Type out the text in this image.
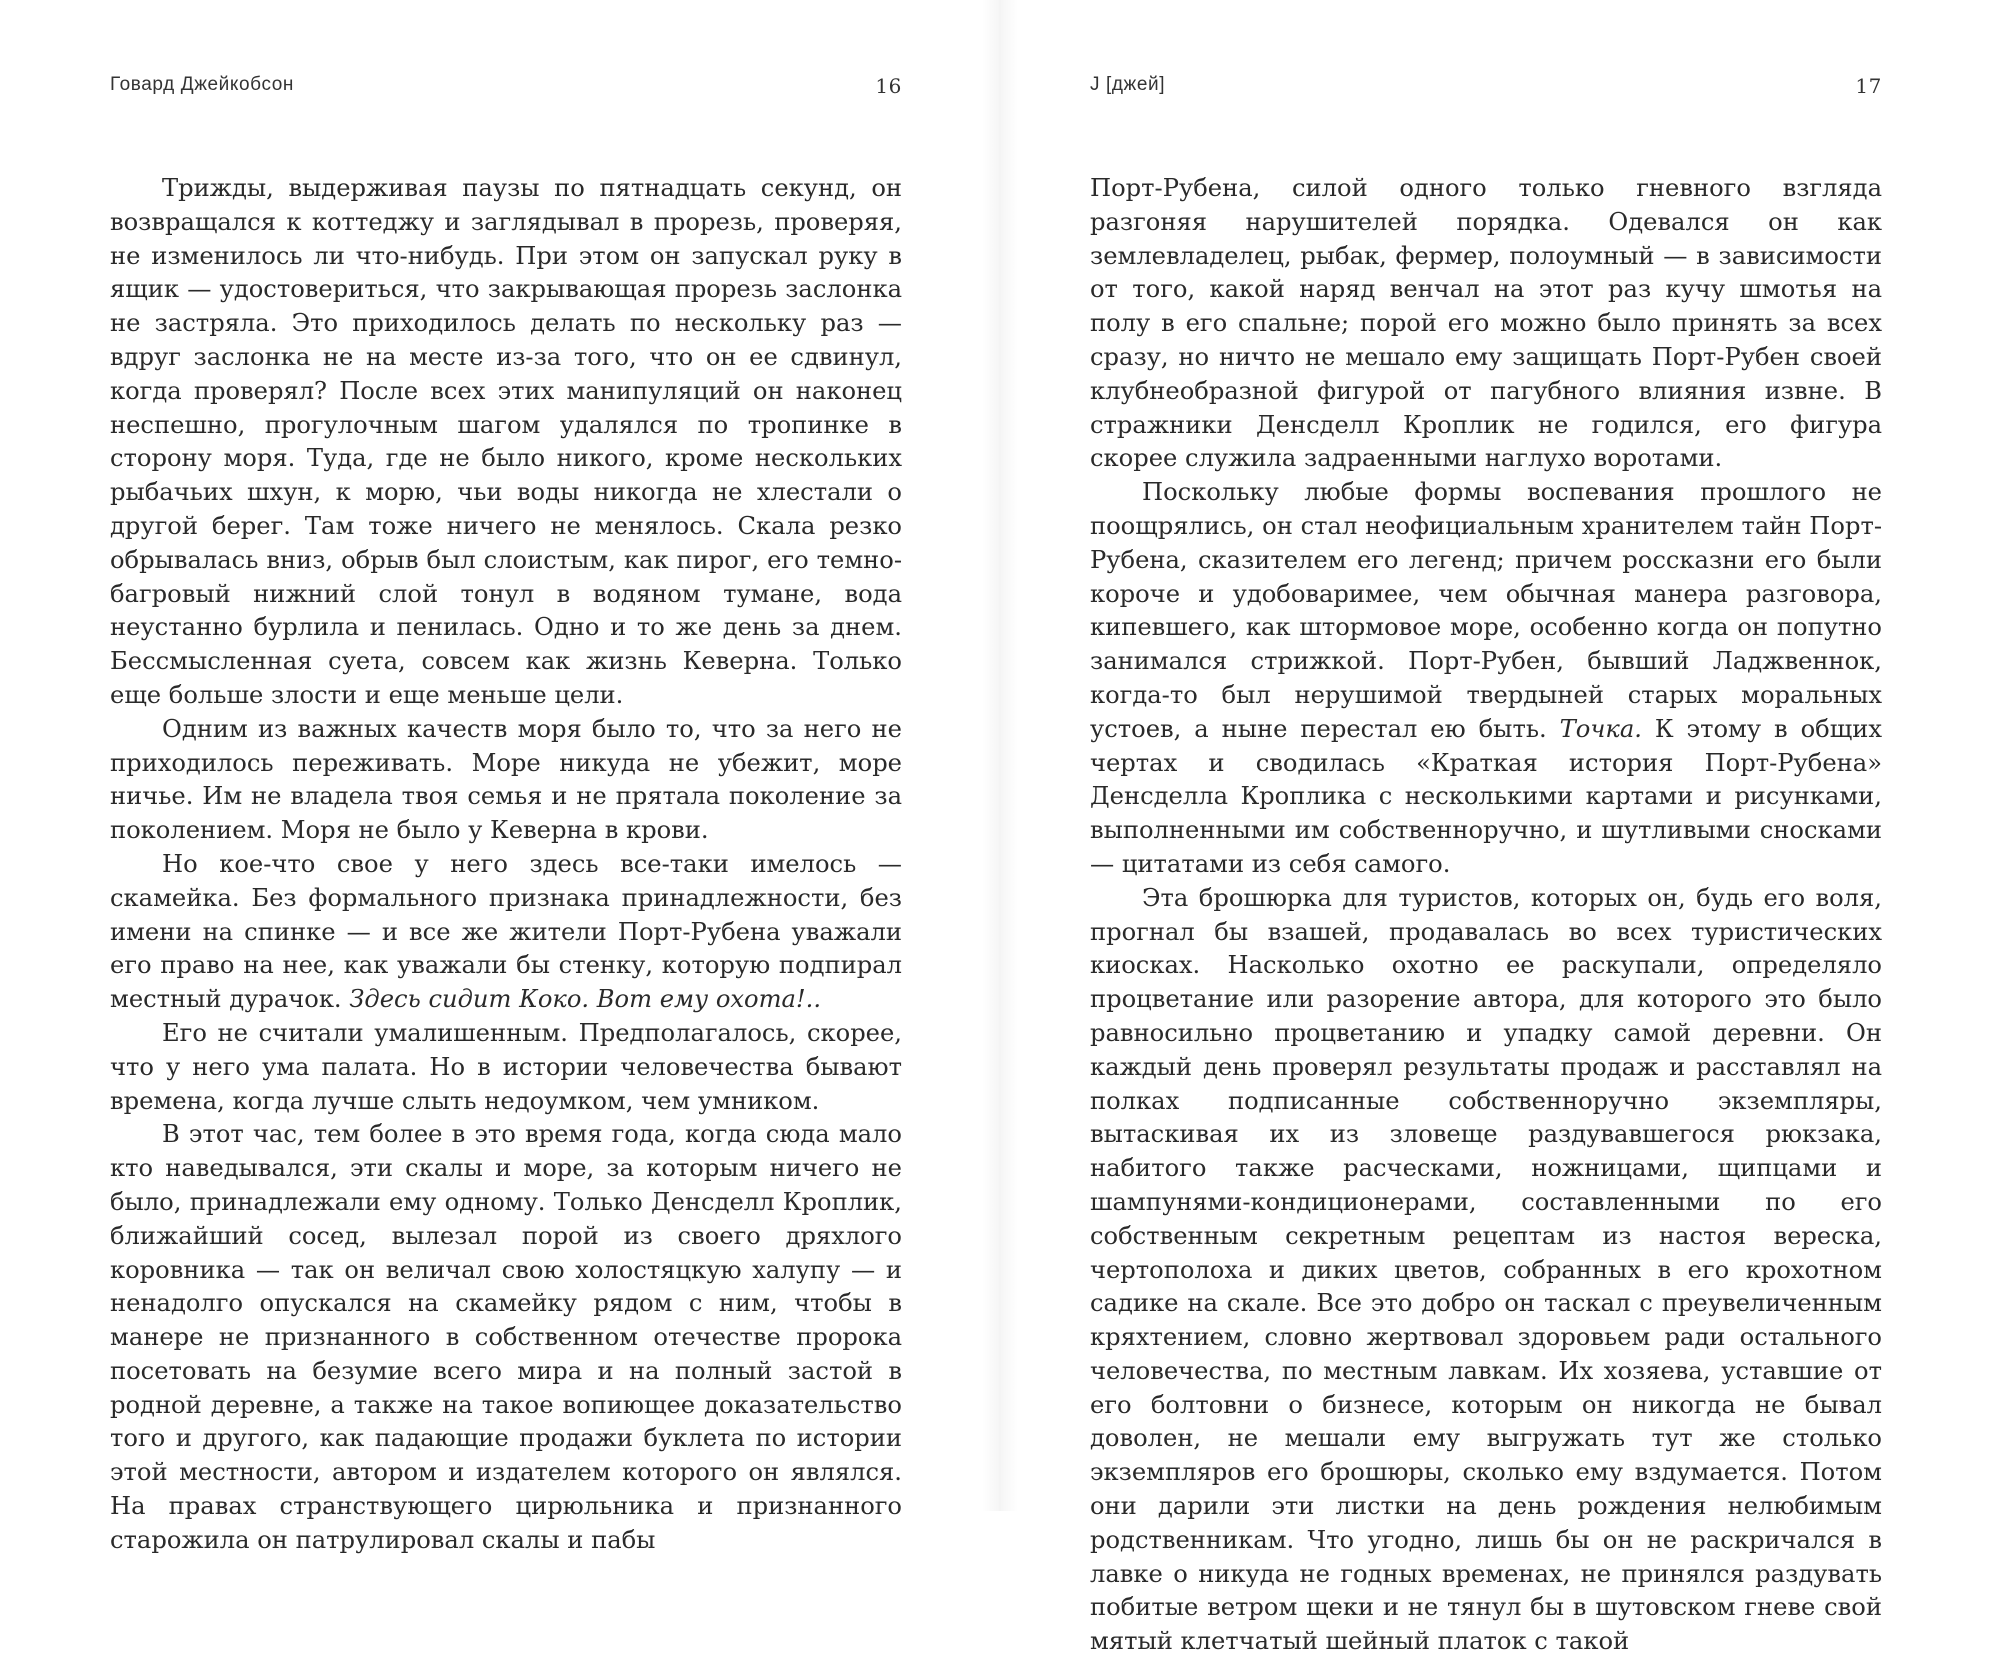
Говард Джейкобсон	16

Трижды, выдерживая паузы по пятнадцать секунд, он возвращался к коттеджу и заглядывал в прорезь, проверяя, не изменилось ли что-нибудь. При этом он запускал руку в ящик — удостовериться, что закрывающая прорезь заслонка не застряла. Это приходилось делать по нескольку раз — вдруг заслонка не на месте из-за того, что он ее сдвинул, когда проверял? После всех этих манипуляций он наконец неспешно, прогулочным шагом удалялся по тропинке в сторону моря. Туда, где не было никого, кроме нескольких рыбачьих шхун, к морю, чьи воды никогда не хлестали о другой берег. Там тоже ничего не менялось. Скала резко обрывалась вниз, обрыв был слоистым, как пирог, его темно-багровый нижний слой тонул в водяном тумане, вода неустанно бурлила и пенилась. Одно и то же день за днем. Бессмысленная суета, совсем как жизнь Кеверна. Только еще больше злости и еще меньше цели.

Одним из важных качеств моря было то, что за него не приходилось переживать. Море никуда не убежит, море ничье. Им не владела твоя семья и не прятала поколение за поколением. Моря не было у Кеверна в крови.

Но кое-что свое у него здесь все-таки имелось — скамейка. Без формального признака принадлежности, без имени на спинке — и все же жители Порт-Рубена уважали его право на нее, как уважали бы стенку, которую подпирал местный дурачок. Здесь сидит Коко. Вот ему охота!..

Его не считали умалишенным. Предполагалось, скорее, что у него ума палата. Но в истории человечества бывают времена, когда лучше слыть недоумком, чем умником.

В этот час, тем более в это время года, когда сюда мало кто наведывался, эти скалы и море, за которым ничего не было, принадлежали ему одному. Только Денсделл Кроплик, ближайший сосед, вылезал порой из своего дряхлого коровника — так он величал свою холостяцкую халупу — и ненадолго опускался на скамейку рядом с ним, чтобы в манере не признанного в собственном отечестве пророка посетовать на безумие всего мира и на полный застой в родной деревне, а также на такое вопиющее доказательство того и другого, как падающие продажи буклета по истории этой местности, автором и издателем которого он являлся. На правах странствующего цирюльника и признанного старожила он патрулировал скалы и пабы

J [джей]	17

Порт-Рубена, силой одного только гневного взгляда разгоняя нарушителей порядка. Одевался он как землевладелец, рыбак, фермер, полоумный — в зависимости от того, какой наряд венчал на этот раз кучу шмотья на полу в его спальне; порой его можно было принять за всех сразу, но ничто не мешало ему защищать Порт-Рубен своей клубнеобразной фигурой от пагубного влияния извне. В стражники Денсделл Кроплик не годился, его фигура скорее служила задраенными наглухо воротами.

Поскольку любые формы воспевания прошлого не поощрялись, он стал неофициальным хранителем тайн Порт-Рубена, сказителем его легенд; причем россказни его были короче и удобоваримее, чем обычная манера разговора, кипевшего, как штормовое море, особенно когда он попутно занимался стрижкой. Порт-Рубен, бывший Ладжвеннок, когда-то был нерушимой твердыней старых моральных устоев, а ныне перестал ею быть. Точка. К этому в общих чертах и сводилась «Краткая история Порт-Рубена» Денсделла Кроплика с несколькими картами и рисунками, выполненными им собственноручно, и шутливыми сносками — цитатами из себя самого.

Эта брошюрка для туристов, которых он, будь его воля, прогнал бы взашей, продавалась во всех туристических киосках. Насколько охотно ее раскупали, определяло процветание или разорение автора, для которого это было равносильно процветанию и упадку самой деревни. Он каждый день проверял результаты продаж и расставлял на полках подписанные собственноручно экземпляры, вытаскивая их из зловеще раздувавшегося рюкзака, набитого также расческами, ножницами, щипцами и шампунями-кондиционерами, составленными по его собственным секретным рецептам из настоя вереска, чертополоха и диких цветов, собранных в его крохотном садике на скале. Все это добро он таскал с преувеличенным кряхтением, словно жертвовал здоровьем ради остального человечества, по местным лавкам. Их хозяева, уставшие от его болтовни о бизнесе, которым он никогда не бывал доволен, не мешали ему выгружать тут же столько экземпляров его брошюры, сколько ему вздумается. Потом они дарили эти листки на день рождения нелюбимым родственникам. Что угодно, лишь бы он не раскричался в лавке о никуда не годных временах, не принялся раздувать побитые ветром щеки и не тянул бы в шутовском гневе свой мятый клетчатый шейный платок с такой
